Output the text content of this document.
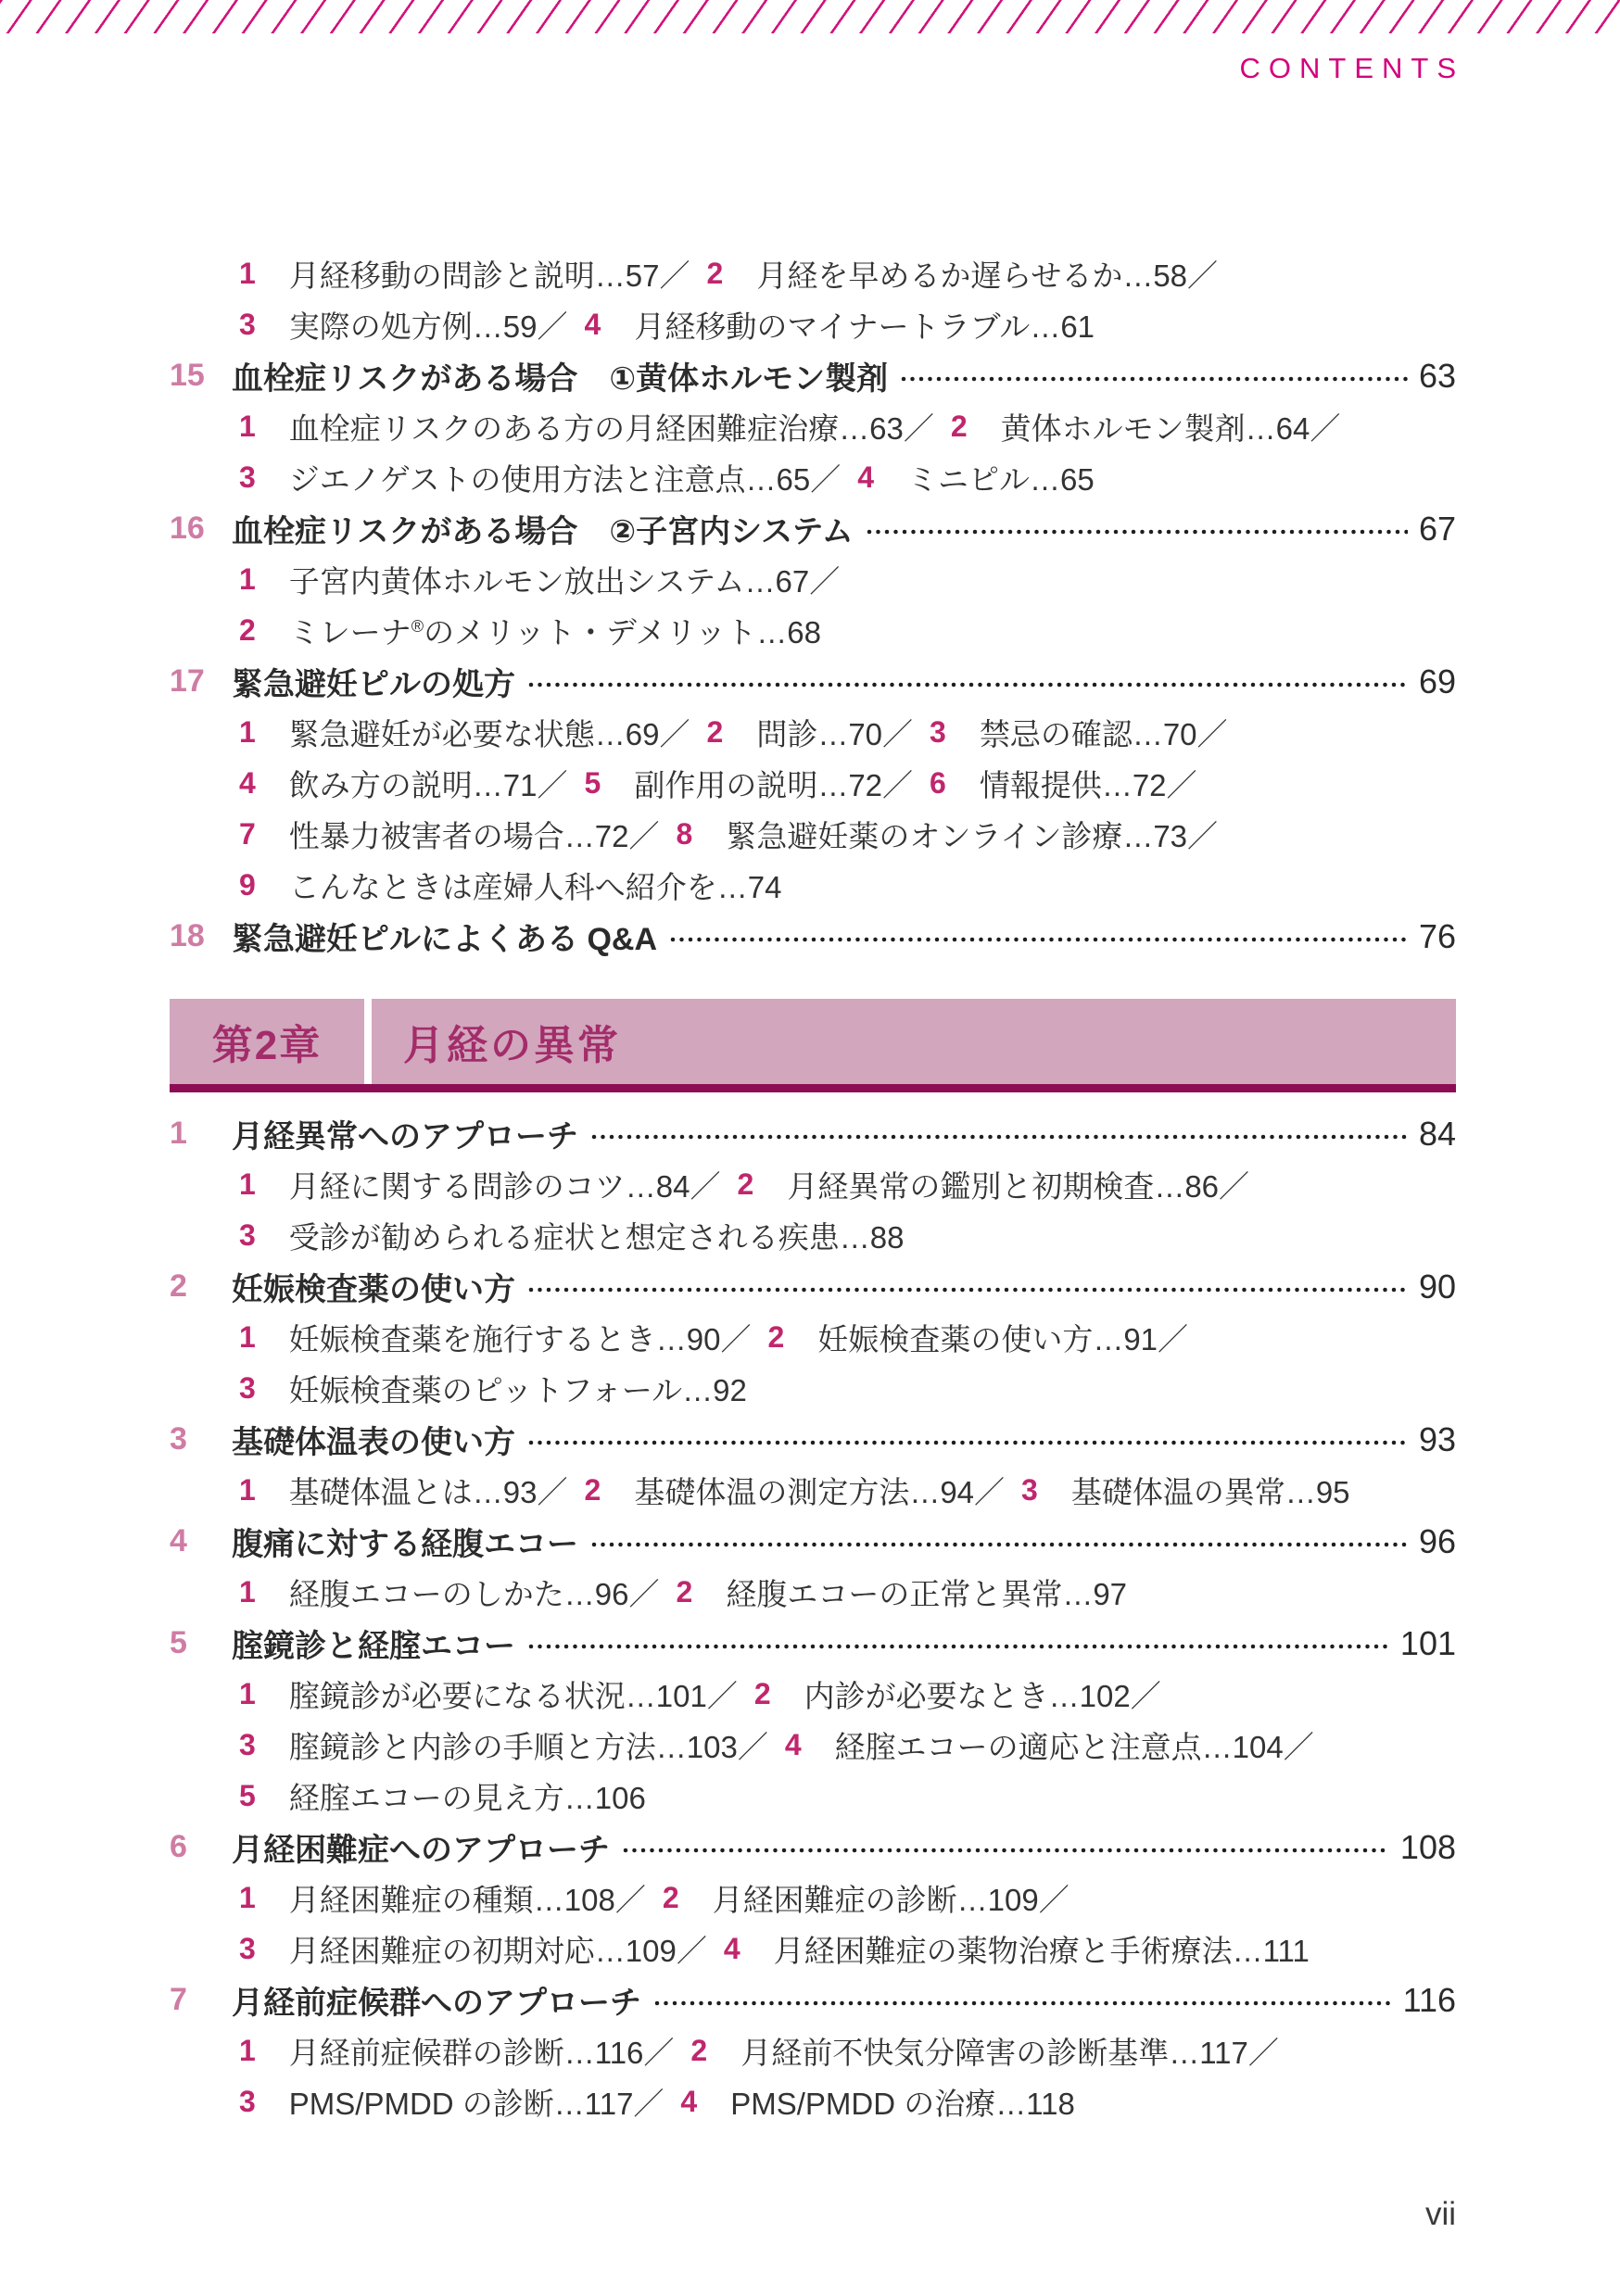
CONTENTS
1 月経移動の問診と説明…57／ 2 月経を早めるか遅らせるか…58／
3 実際の処方例…59／ 4 月経移動のマイナートラブル…61
15 血栓症リスクがある場合　①黄体ホルモン製剤	63
1 血栓症リスクのある方の月経困難症治療…63／ 2 黄体ホルモン製剤…64／
3 ジエノゲストの使用方法と注意点…65／ 4 ミニピル…65
16 血栓症リスクがある場合　②子宮内システム	67
1 子宮内黄体ホルモン放出システム…67／
2 ミレーナ®のメリット・デメリット…68
17 緊急避妊ピルの処方	69
1 緊急避妊が必要な状態…69／ 2 問診…70／ 3 禁忌の確認…70／
4 飲み方の説明…71／ 5 副作用の説明…72／ 6 情報提供…72／
7 性暴力被害者の場合…72／ 8 緊急避妊薬のオンライン診療…73／
9 こんなときは産婦人科へ紹介を…74
18 緊急避妊ピルによくある Q&A	76
第2章	月経の異常
1	月経異常へのアプローチ	84
1 月経に関する問診のコツ…84／ 2 月経異常の鑑別と初期検査…86／
3 受診が勧められる症状と想定される疾患…88
2	妊娠検査薬の使い方	90
1 妊娠検査薬を施行するとき…90／ 2 妊娠検査薬の使い方…91／
3 妊娠検査薬のピットフォール…92
3	基礎体温表の使い方	93
1 基礎体温とは…93／ 2 基礎体温の測定方法…94／ 3 基礎体温の異常…95
4	腹痛に対する経腹エコー	96
1 経腹エコーのしかた…96／ 2 経腹エコーの正常と異常…97
5	腟鏡診と経腟エコー	101
1 腟鏡診が必要になる状況…101／ 2 内診が必要なとき…102／
3 腟鏡診と内診の手順と方法…103／ 4 経腟エコーの適応と注意点…104／
5 経腟エコーの見え方…106
6	月経困難症へのアプローチ	108
1 月経困難症の種類…108／ 2 月経困難症の診断…109／
3 月経困難症の初期対応…109／ 4 月経困難症の薬物治療と手術療法…111
7	月経前症候群へのアプローチ	116
1 月経前症候群の診断…116／ 2 月経前不快気分障害の診断基準…117／
3 PMS/PMDD の診断…117／ 4 PMS/PMDD の治療…118
vii
